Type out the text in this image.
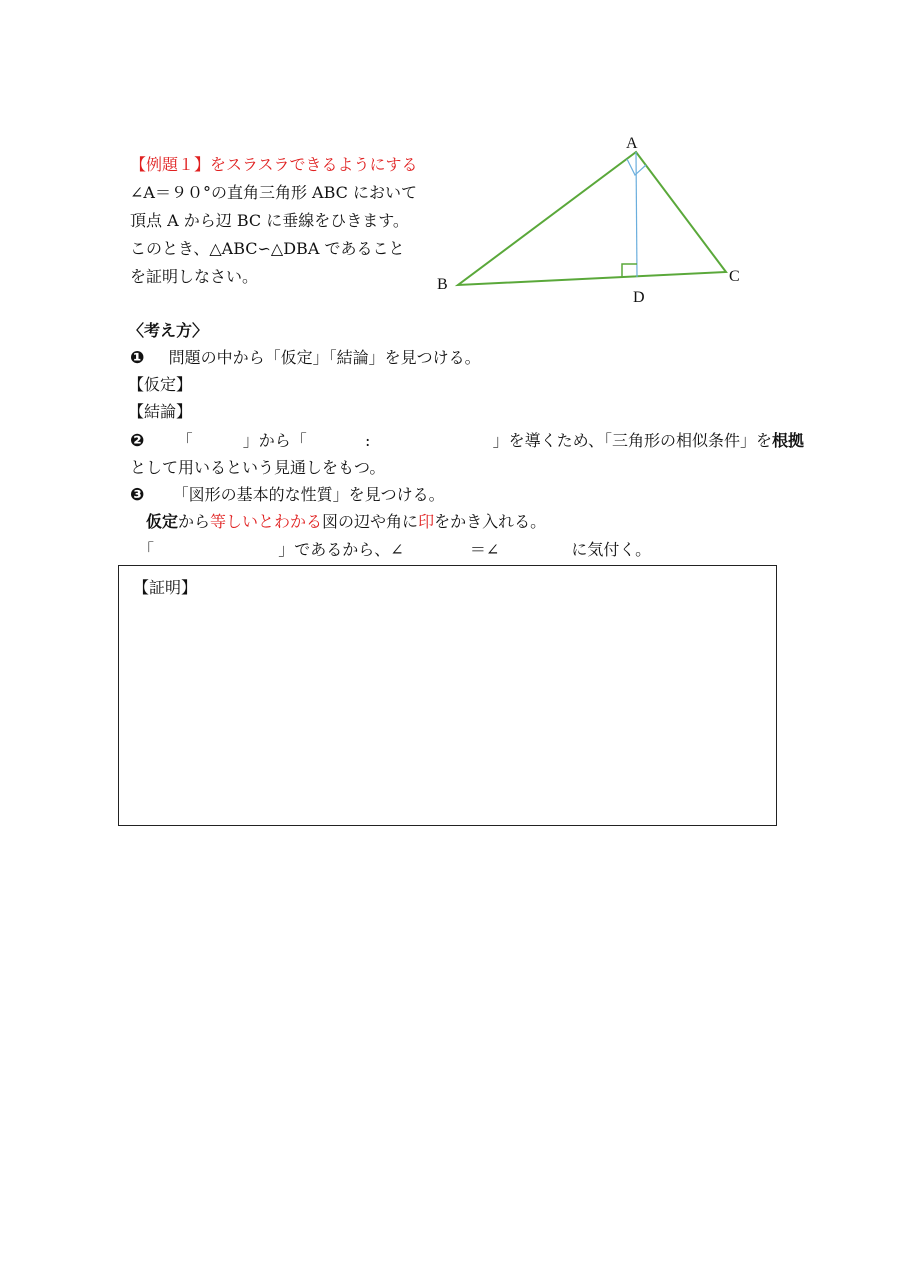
【例題１】をスラスラできるようにする
∠A＝９０°の直角三角形 ABC において
頂点 A から辺 BC に垂線をひきます。
このとき、△ABC∽△DBA であること
を証明しなさい。
A
B	C
D
〈考え方〉
❶ 問題の中から「仮定」「結論」を見つける。
【仮定】
【結論】
❷ 「	」から「	:	」を導くため、「三角形の相似条件」を根拠
として用いるという見通しをもつ。
❸ 「図形の基本的な性質」を見つける。
仮定から等しいとわかる図の辺や角に印をかき入れる。
「	」であるから、∠	＝∠	に気付く。
【証明】
